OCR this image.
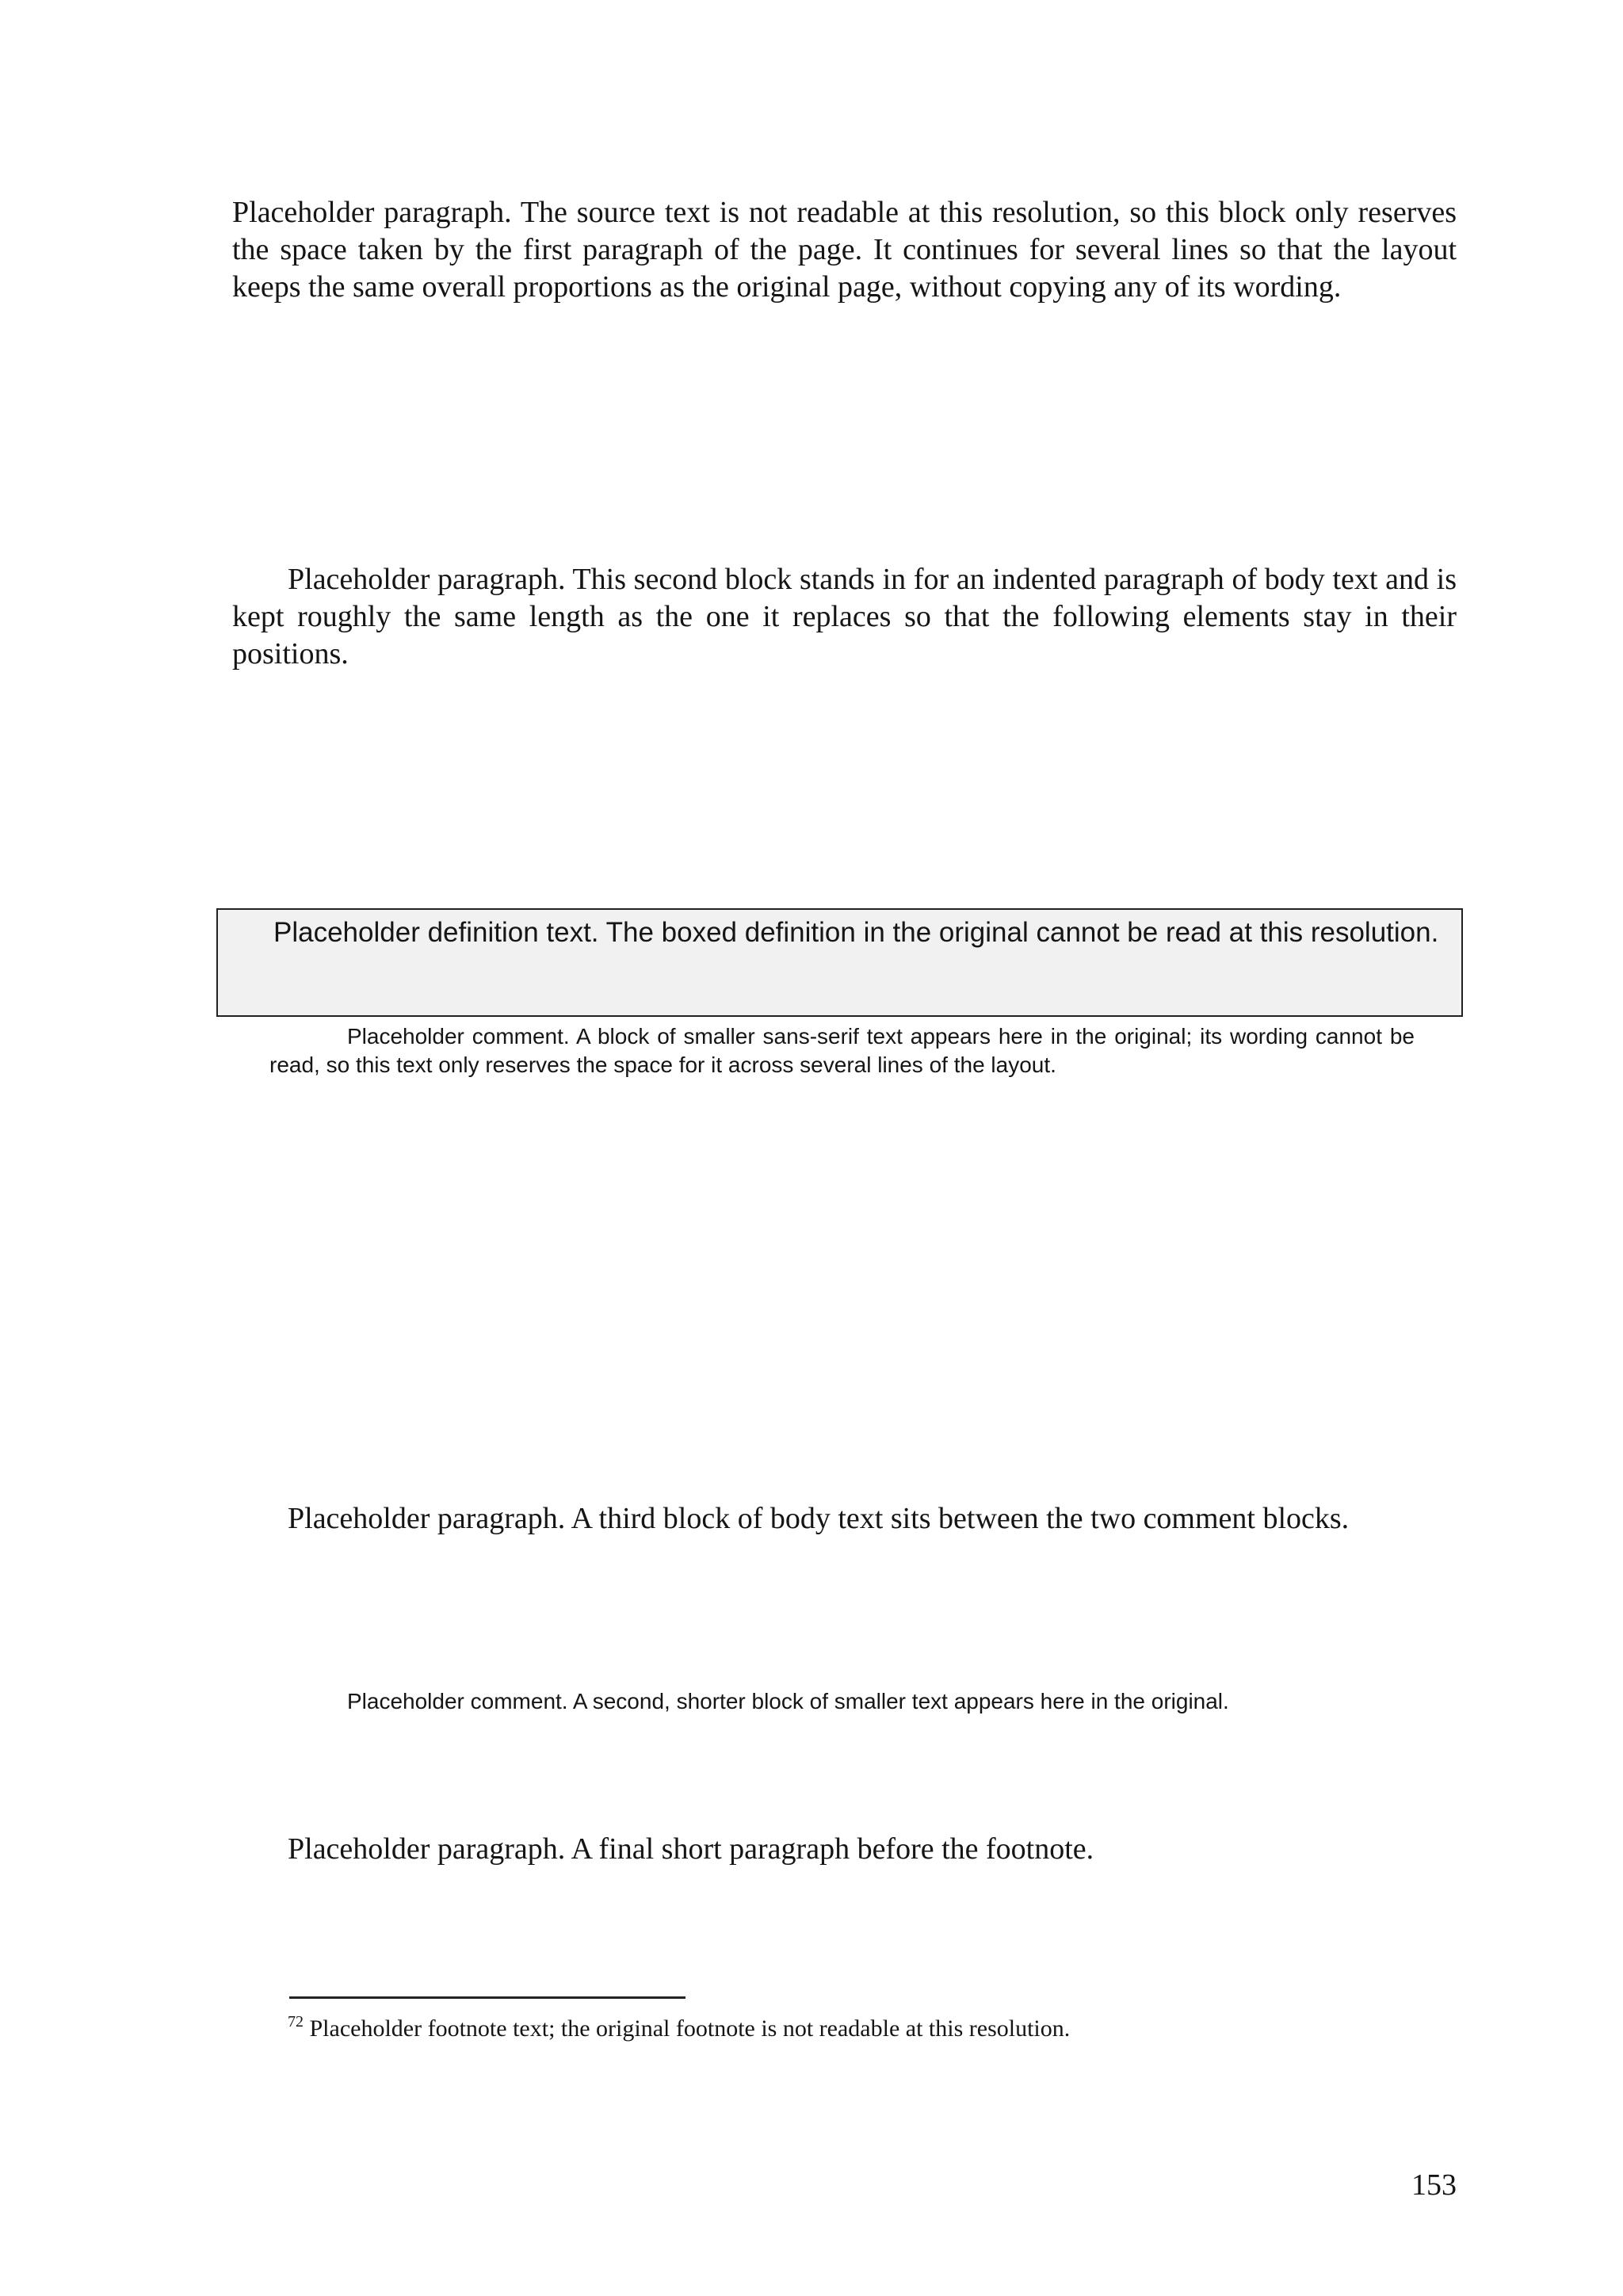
Placeholder paragraph. The source text is not readable at this resolution, so this block only reserves the space taken by the first paragraph of the page. It continues for several lines so that the layout keeps the same overall proportions as the original page, without copying any of its wording.

Placeholder paragraph. This second block stands in for an indented paragraph of body text and is kept roughly the same length as the one it replaces so that the following elements stay in their positions.

Placeholder definition text. The boxed definition in the original cannot be read at this resolution.

Placeholder comment. A block of smaller sans-serif text appears here in the original; its wording cannot be read, so this text only reserves the space for it across several lines of the layout.

Placeholder paragraph. A third block of body text sits between the two comment blocks.

Placeholder comment. A second, shorter block of smaller text appears here in the original.

Placeholder paragraph. A final short paragraph before the footnote.

$^{72}$ Placeholder footnote text; the original footnote is not readable at this resolution.

153
